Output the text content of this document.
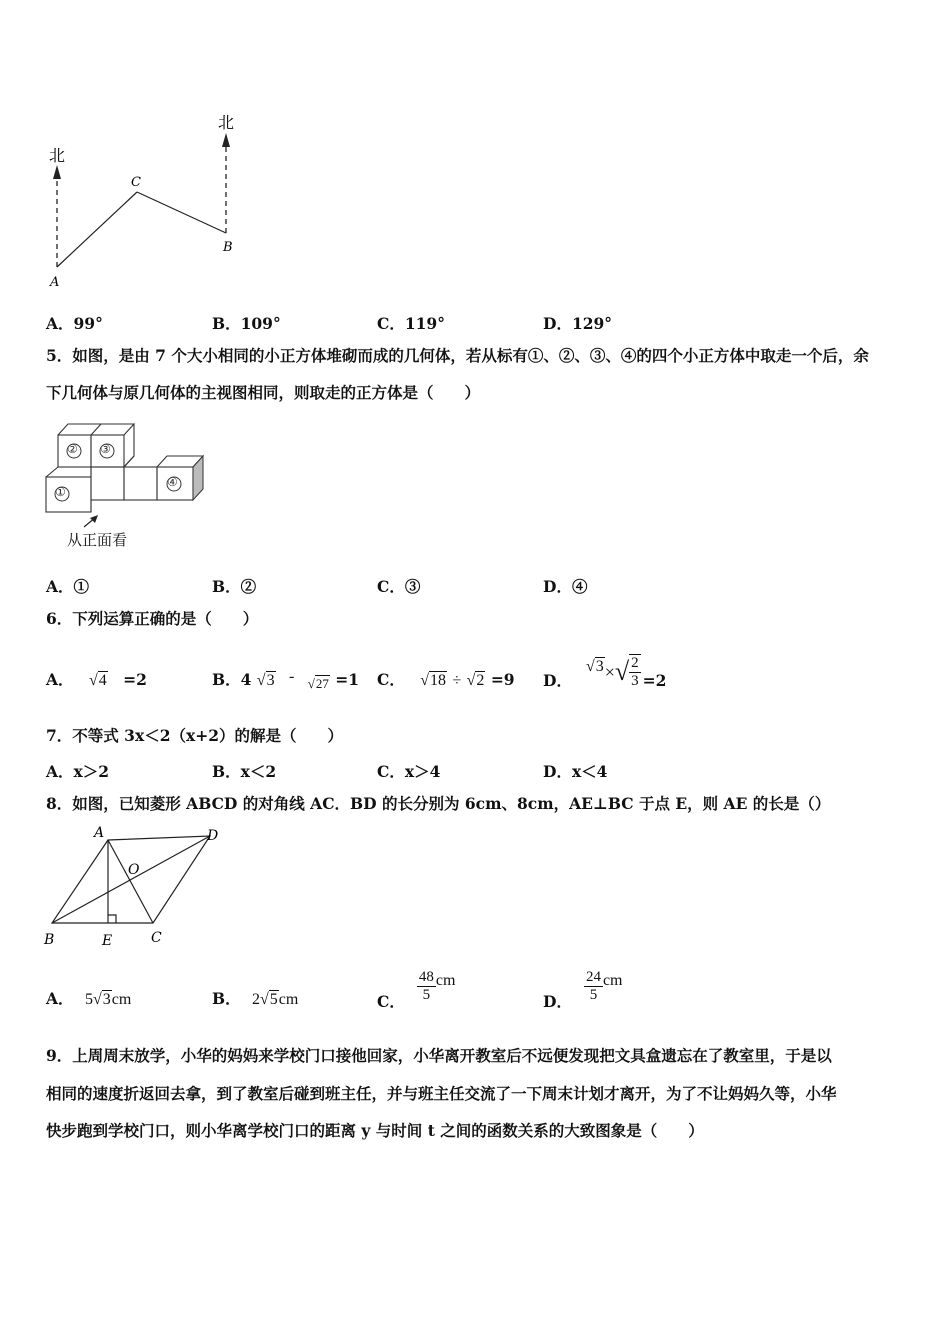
北
北
A
C
B
A．99°	B．109°	C．119°	D．129°
5．如图，是由 7 个大小相同的小正方体堆砌而成的几何体，若从标有①、②、③、④的四个小正方体中取走一个后，余
下几何体与原几何体的主视图相同，则取走的正方体是（　　）
①
② ③
④
从正面看
A．①	B．②	C．③	D．④
6．下列运算正确的是（　　）
A． √4 =2	B．4 √3 - √27 =1 C． √18 ÷ √2 =9 D．
√3 × √ $\frac{2}{3} =2$
7．不等式 3x＜2（x+2）的解是（　　）
A．x＞2	B．x＜2	C．x＞4	D．x＜4
8．如图，已知菱形 ABCD 的对角线 AC．BD 的长分别为 6cm、8cm，AE⊥BC 于点 E，则 AE 的长是（）
A	D
O
B	E	C
A． 5√3cm	B． 2√5cm	C． $\frac{48}{5}$ cm
D． $\frac{24}{5}$ cm
9．上周周末放学，小华的妈妈来学校门口接他回家，小华离开教室后不远便发现把文具盒遗忘在了教室里，于是以
相同的速度折返回去拿，到了教室后碰到班主任，并与班主任交流了一下周末计划才离开，为了不让妈妈久等，小华
快步跑到学校门口，则小华离学校门口的距离 y 与时间 t 之间的函数关系的大致图象是（　　）
